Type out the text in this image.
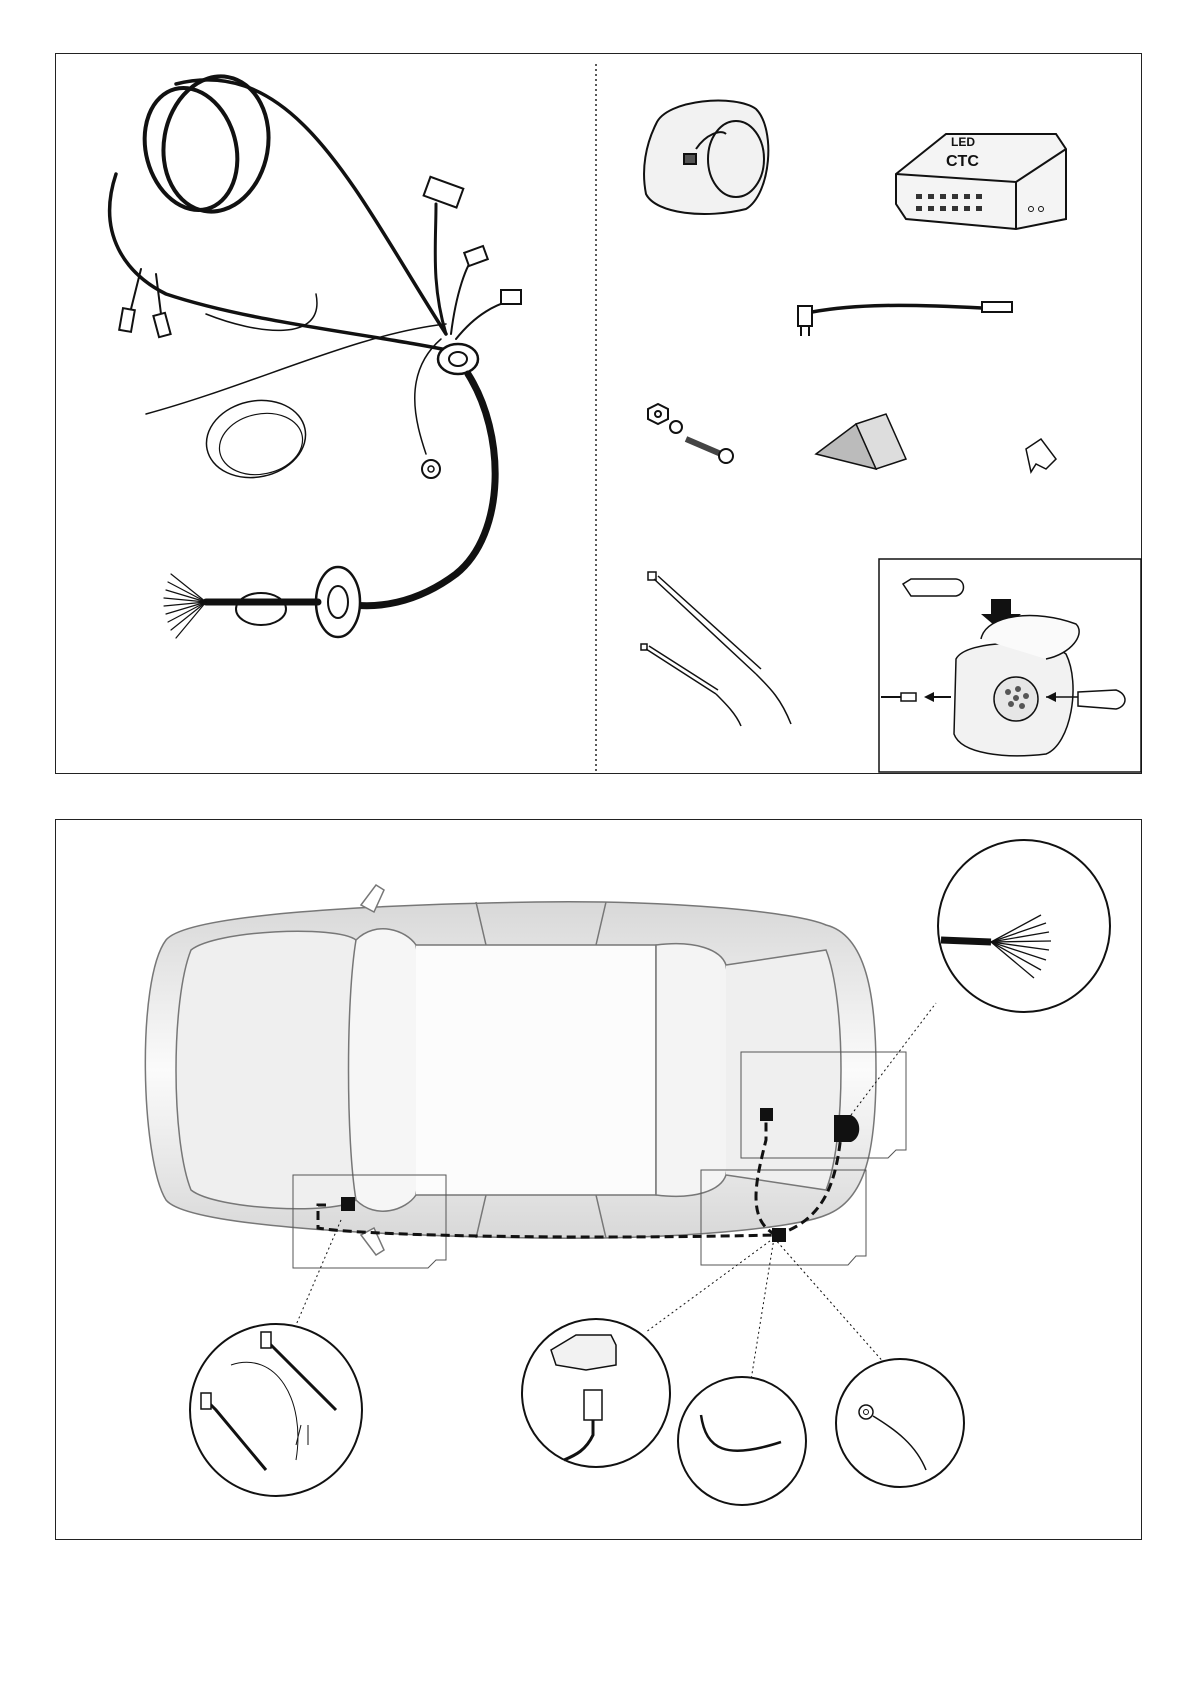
LED
CTC
